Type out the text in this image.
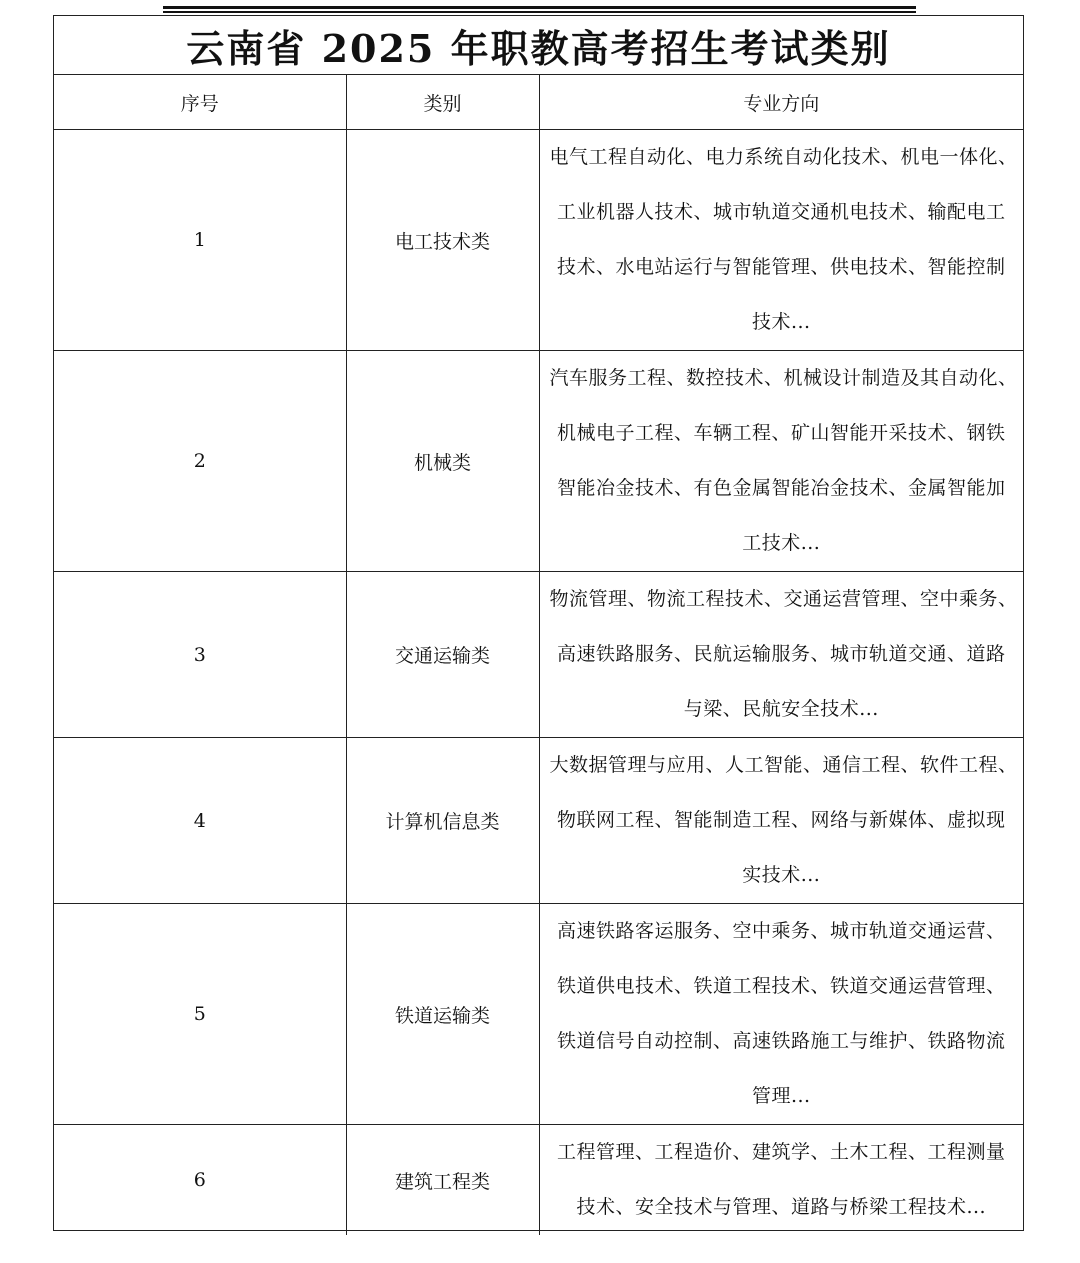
云南省 2025 年职教高考招生考试类别
序号	类别	专业方向
1	电工技术类	电气工程自动化、电力系统自动化技术、机电一体化、
工业机器人技术、城市轨道交通机电技术、输配电工
技术、水电站运行与智能管理、供电技术、智能控制
技术...

2	机械类	汽车服务工程、数控技术、机械设计制造及其自动化、
机械电子工程、车辆工程、矿山智能开采技术、钢铁
智能冶金技术、有色金属智能冶金技术、金属智能加
工技术...

3	交通运输类	物流管理、物流工程技术、交通运营管理、空中乘务、
高速铁路服务、民航运输服务、城市轨道交通、道路
与梁、民航安全技术...

4	计算机信息类	大数据管理与应用、人工智能、通信工程、软件工程、
物联网工程、智能制造工程、网络与新媒体、虚拟现
实技术...

5	铁道运输类	高速铁路客运服务、空中乘务、城市轨道交通运营、
铁道供电技术、铁道工程技术、铁道交通运营管理、
铁道信号自动控制、高速铁路施工与维护、铁路物流
管理...

6	建筑工程类	工程管理、工程造价、建筑学、土木工程、工程测量
技术、安全技术与管理、道路与桥梁工程技术...
